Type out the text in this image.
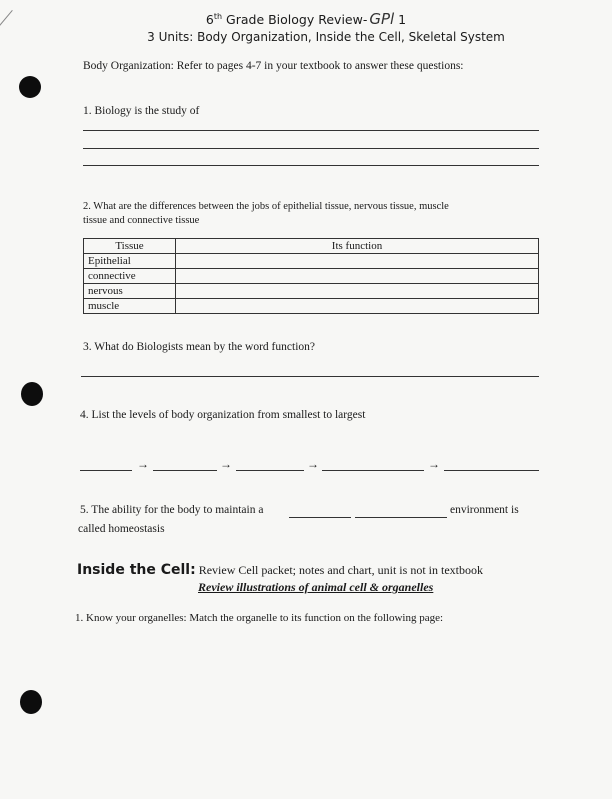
6th Grade Biology Review- GPl 1
3 Units: Body Organization, Inside the Cell, Skeletal System
Body Organization: Refer to pages 4-7 in your textbook to answer these questions:
1. Biology is the study of
2. What are the differences between the jobs of epithelial tissue, nervous tissue, muscle
tissue and connective tissue
Tissue	Its function
Epithelial	
connective	
nervous	
muscle	
3. What do Biologists mean by the word function?
4. List the levels of body organization from smallest to largest
→	→	→	→
5. The ability for the body to maintain a	environment is
called homeostasis
Inside the Cell: Review Cell packet; notes and chart, unit is not in textbook
Review illustrations of animal cell & organelles
1. Know your organelles: Match the organelle to its function on the following page:
